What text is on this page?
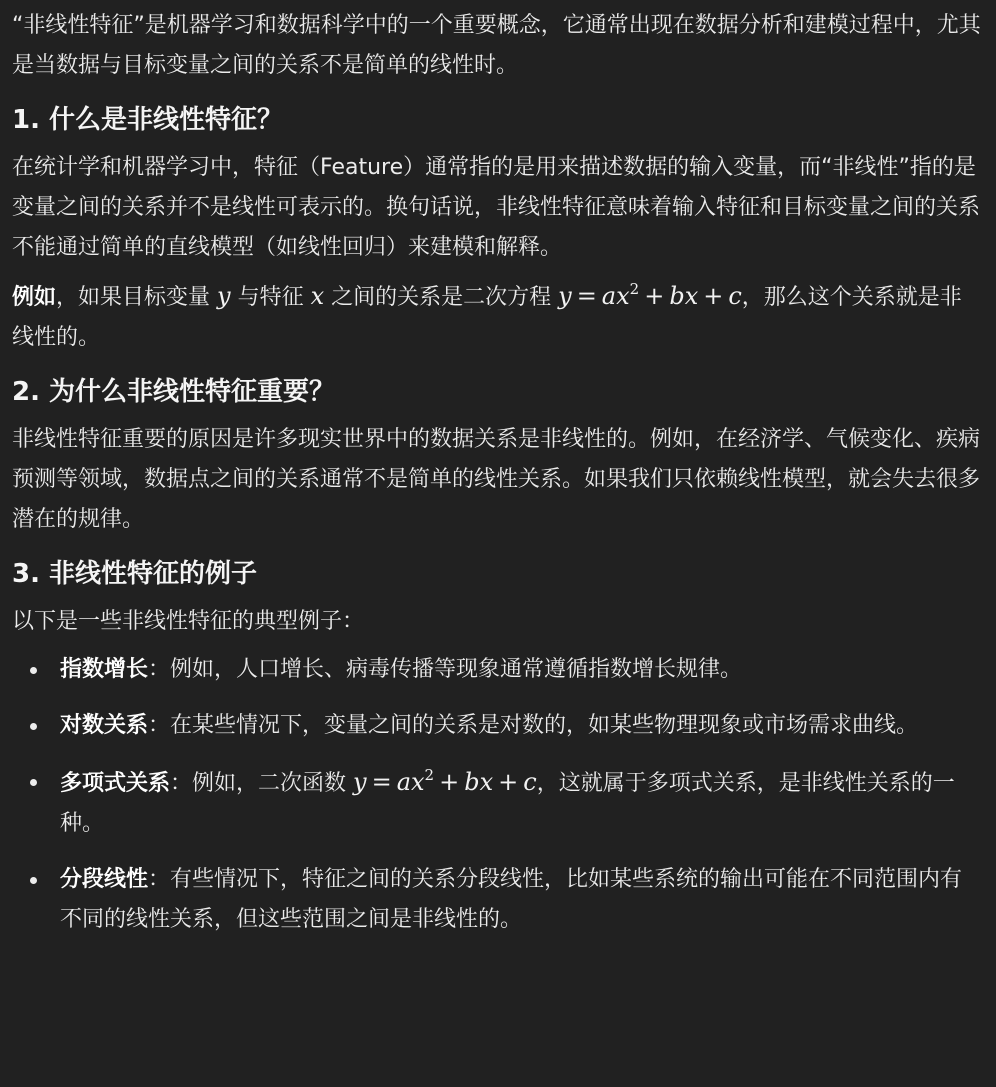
“非线性特征”是机器学习和数据科学中的一个重要概念，它通常出现在数据分析和建模过程中，尤其是当数据与目标变量之间的关系不是简单的线性时。

1. 什么是非线性特征？

在统计学和机器学习中，特征（Feature）通常指的是用来描述数据的输入变量，而“非线性”指的是变量之间的关系并不是线性可表示的。换句话说，非线性特征意味着输入特征和目标变量之间的关系不能通过简单的直线模型（如线性回归）来建模和解释。

例如，如果目标变量 y 与特征 x 之间的关系是二次方程 $y = ax^2$ + bx + c，那么这个关系就是非线性的。

2. 为什么非线性特征重要？

非线性特征重要的原因是许多现实世界中的数据关系是非线性的。例如，在经济学、气候变化、疾病预测等领域，数据点之间的关系通常不是简单的线性关系。如果我们只依赖线性模型，就会失去很多潜在的规律。

3. 非线性特征的例子

以下是一些非线性特征的典型例子：

指数增长：例如，人口增长、病毒传播等现象通常遵循指数增长规律。
对数关系：在某些情况下，变量之间的关系是对数的，如某些物理现象或市场需求曲线。
多项式关系：例如，二次函数 $y = ax^2$ + bx + c，这就属于多项式关系，是非线性关系的一种。
分段线性：有些情况下，特征之间的关系分段线性，比如某些系统的输出可能在不同范围内有不同的线性关系，但这些范围之间是非线性的。
